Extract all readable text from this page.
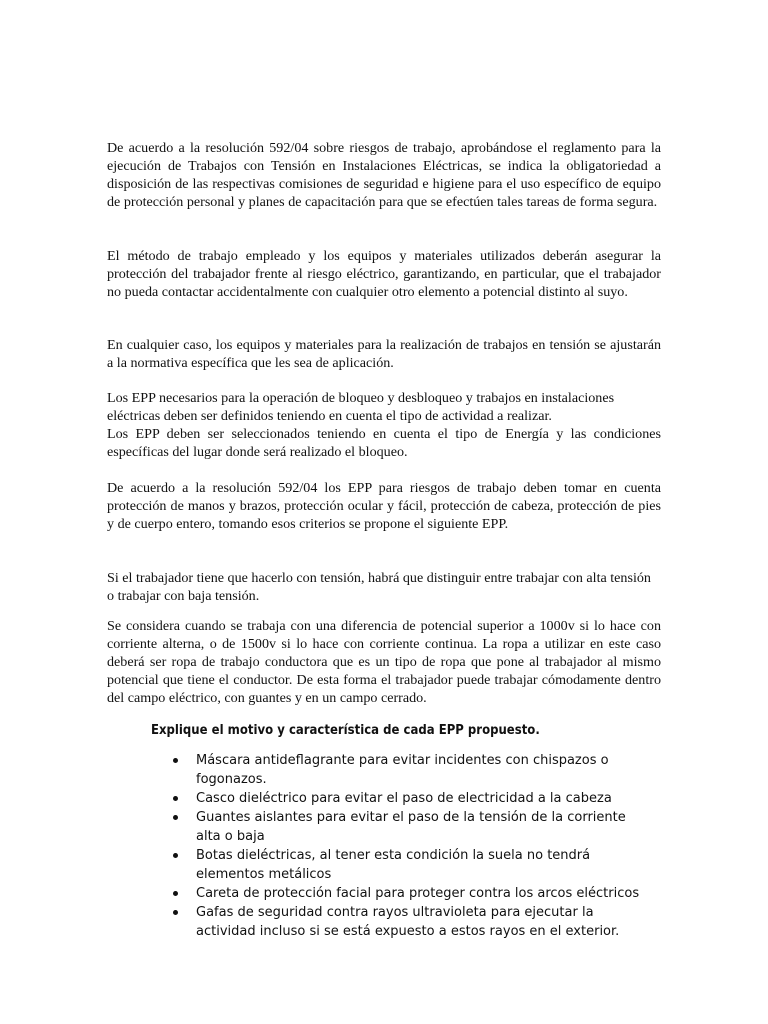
De acuerdo a la resolución 592/04 sobre riesgos de trabajo, aprobándose el reglamento para la ejecución de Trabajos con Tensión en Instalaciones Eléctricas, se indica la obligatoriedad a disposición de las respectivas comisiones de seguridad e higiene para el uso específico de equipo de protección personal y planes de capacitación para que se efectúen tales tareas de forma segura.

El método de trabajo empleado y los equipos y materiales utilizados deberán asegurar la protección del trabajador frente al riesgo eléctrico, garantizando, en particular, que el trabajador no pueda contactar accidentalmente con cualquier otro elemento a potencial distinto al suyo.

En cualquier caso, los equipos y materiales para la realización de trabajos en tensión se ajustarán a la normativa específica que les sea de aplicación.

Los EPP necesarios para la operación de bloqueo y desbloqueo y trabajos en instalaciones eléctricas deben ser definidos teniendo en cuenta el tipo de actividad a realizar.

Los EPP deben ser seleccionados teniendo en cuenta el tipo de Energía y las condiciones específicas del lugar donde será realizado el bloqueo.

De acuerdo a la resolución 592/04 los EPP para riesgos de trabajo deben tomar en cuenta protección de manos y brazos, protección ocular y fácil, protección de cabeza, protección de pies y de cuerpo entero, tomando esos criterios se propone el siguiente EPP.

Si el trabajador tiene que hacerlo con tensión, habrá que distinguir entre trabajar con alta tensión o trabajar con baja tensión.

Se considera cuando se trabaja con una diferencia de potencial superior a 1000v si lo hace con corriente alterna, o de 1500v si lo hace con corriente continua. La ropa a utilizar en este caso deberá ser ropa de trabajo conductora que es un tipo de ropa que pone al trabajador al mismo potencial que tiene el conductor. De esta forma el trabajador puede trabajar cómodamente dentro del campo eléctrico, con guantes y en un campo cerrado.

Explique el motivo y característica de cada EPP propuesto.
Máscara antideflagrante para evitar incidentes con chispazos o fogonazos.
Casco dieléctrico para evitar el paso de electricidad a la cabeza
Guantes aislantes para evitar el paso de la tensión de la corriente alta o baja
Botas dieléctricas, al tener esta condición la suela no tendrá elementos metálicos
Careta de protección facial para proteger contra los arcos eléctricos
Gafas de seguridad contra rayos ultravioleta para ejecutar la actividad incluso si se está expuesto a estos rayos en el exterior.
